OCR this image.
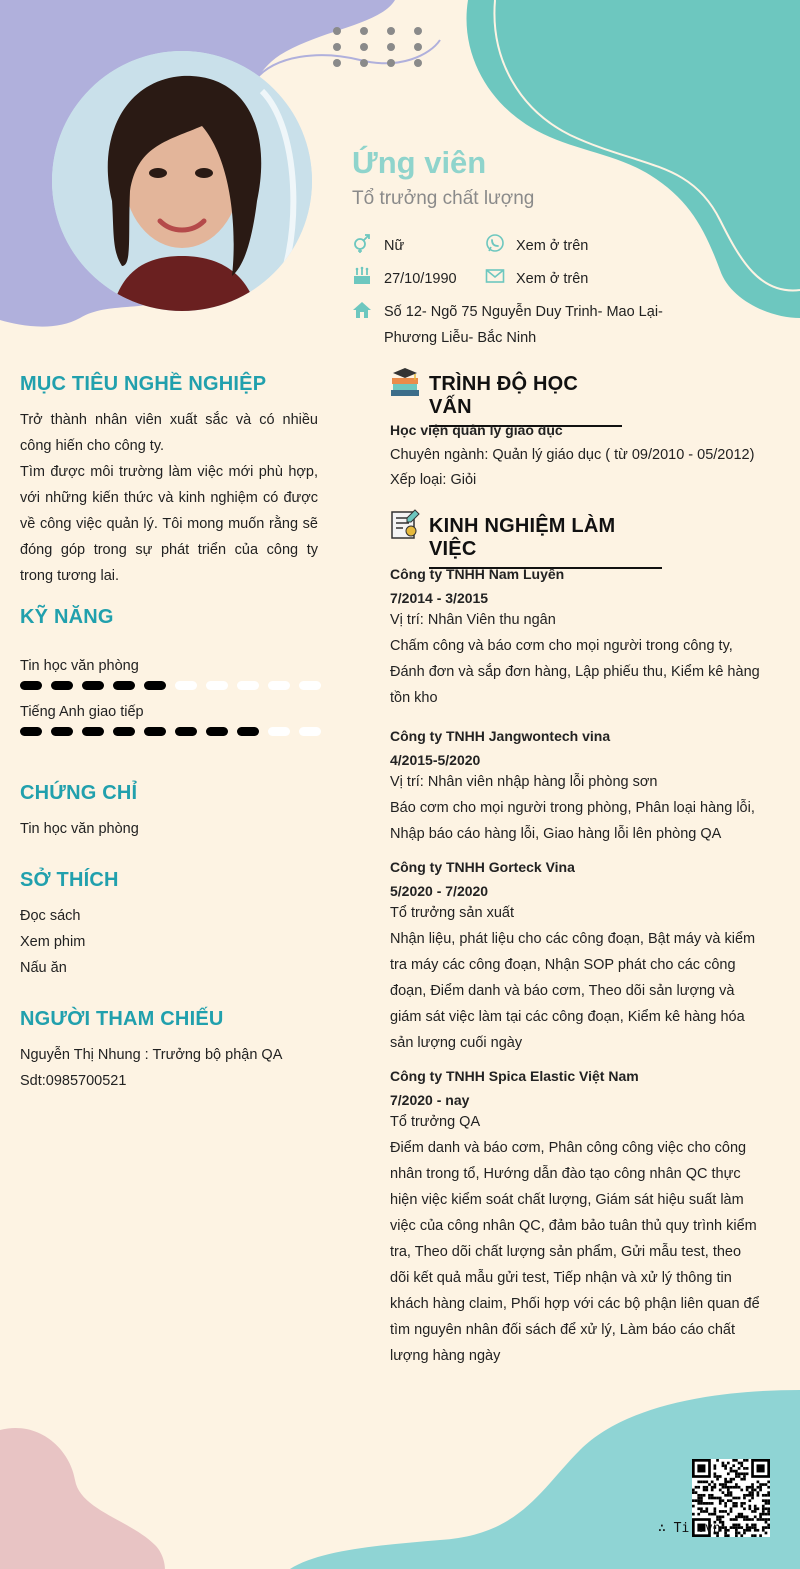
Ứng viên
Tổ trưởng chất lượng
Nữ	Xem ở trên
27/10/1990	Xem ở trên
Số 12- Ngõ 75 Nguyễn Duy Trinh- Mao Lại-
Phương Liễu- Bắc Ninh
MỤC TIÊU NGHỀ NGHIỆP
Trở thành nhân viên xuất sắc và có nhiều
công hiến cho công ty.
Tìm được môi trường làm việc mới phù hợp,
với những kiến thức và kinh nghiệm có được
về công việc quản lý. Tôi mong muốn rằng sẽ
đóng góp trong sự phát triển của công ty
trong tương lai.
KỸ NĂNG
Tin học văn phòng
Tiếng Anh giao tiếp
CHỨNG CHỈ
Tin học văn phòng
SỞ THÍCH
Đọc sách
Xem phim
Nấu ăn
NGƯỜI THAM CHIẾU
Nguyễn Thị Nhung : Trưởng bộ phận QA
Sdt:0985700521
TRÌNH ĐỘ HỌC VẤN
Học viện quản lý giáo dục
Chuyên ngành: Quản lý giáo dục ( từ 09/2010 - 05/2012)
Xếp loại: Giỏi
KINH NGHIỆM LÀM VIỆC
Công ty TNHH Nam Luyên
7/2014 - 3/2015
Vị trí: Nhân Viên thu ngân
Chấm công và báo cơm cho mọi người trong công ty,
Đánh đơn và sắp đơn hàng, Lập phiếu thu, Kiểm kê hàng
tồn kho
Công ty TNHH Jangwontech vina
4/2015-5/2020
Vị trí: Nhân viên nhập hàng lỗi phòng sơn
Báo cơm cho mọi người trong phòng, Phân loại hàng lỗi,
Nhập báo cáo hàng lỗi, Giao hàng lỗi lên phòng QA
Công ty TNHH Gorteck Vina
5/2020 - 7/2020
Tổ trưởng sản xuất
Nhận liệu, phát liệu cho các công đoạn, Bật máy và kiểm
tra máy các công đoạn, Nhận SOP phát cho các công
đoạn, Điểm danh và báo cơm, Theo dõi sản lượng và
giám sát việc làm tại các công đoạn, Kiểm kê hàng hóa
sản lượng cuối ngày
Công ty TNHH Spica Elastic Việt Nam
7/2020 - nay
Tổ trưởng QA
Điểm danh và báo cơm, Phân công công việc cho công
nhân trong tổ, Hướng dẫn đào tạo công nhân QC thực
hiện việc kiểm soát chất lượng, Giám sát hiệu suất làm
việc của công nhân QC, đảm bảo tuân thủ quy trình kiểm
tra, Theo dõi chất lượng sản phẩm, Gửi mẫu test, theo
dõi kết quả mẫu gửi test, Tiếp nhận và xử lý thông tin
khách hàng claim, Phối hợp với các bộ phận liên quan để
tìm nguyên nhân đối sách để xử lý, Làm báo cáo chất
lượng hàng ngày
∴ Ti .vn
